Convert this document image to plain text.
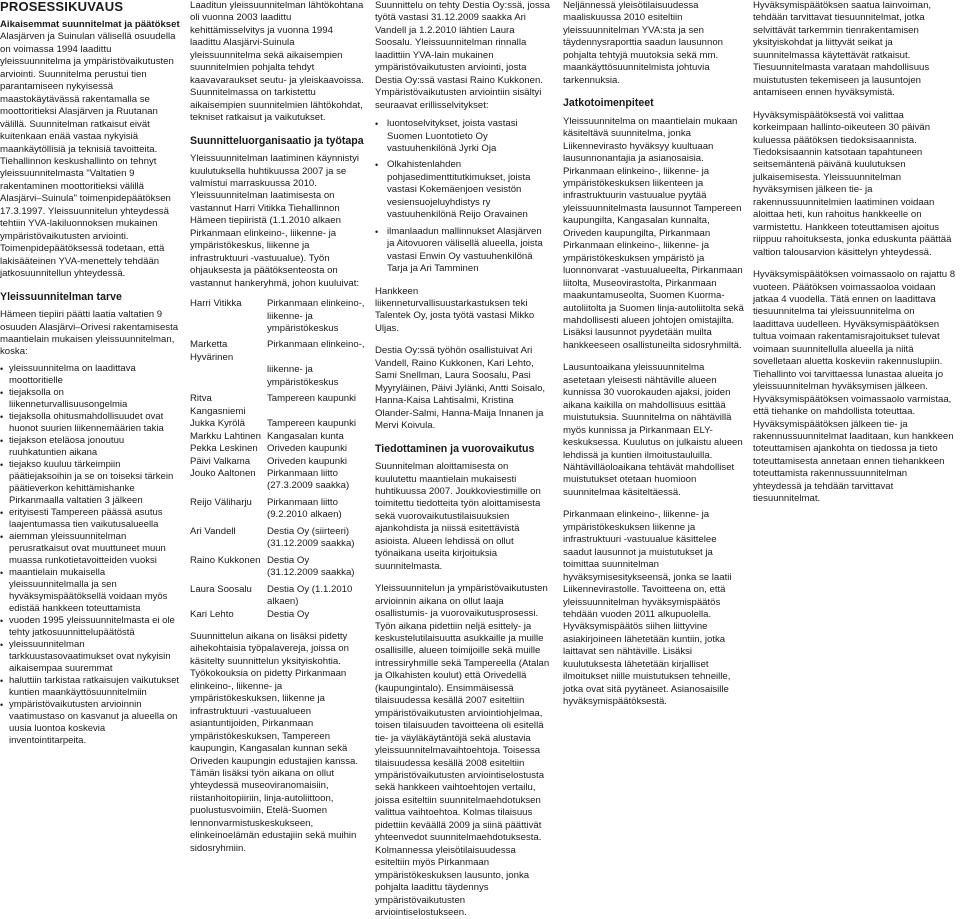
PROSESSIKUVAUS

Aikaisemmat suunnitelmat ja päätökset

Alasjärven ja Suinulan välisellä osuudella on voimassa 1994 laadittu yleissuunnitelma ja ympäristövaikutusten arviointi. Suunnitelma perustui tien parantamiseen nykyisessä maastokäytävässä rakentamalla se moottoritieksi Alasjärven ja Ruutanan välillä. Suunnitelman ratkaisut eivät kuitenkaan enää vastaa nykyisiä maankäytöllisiä ja teknisiä tavoitteita. Tiehallinnon keskushallinto on tehnyt yleissuunnitelmasta "Valtatien 9 rakentaminen moottoritieksi välillä Alasjärvi–Suinula" toimenpidepäätöksen 17.3.1997. Yleissuunnitelun yhteydessä tehtiin YVA-lakiluonnoksen mukainen ympäristövaikutusten arviointi. Toimenpidepäätöksessä todetaan, että lakisääteinen YVA-menettely tehdään jatkosuunnitellun yhteydessä.

Yleissuunnitelman tarve

Hämeen tiepiiri päätti laatia valtatien 9 osuuden Alasjärvi–Orivesi rakentamisesta maantielain mukaisen yleissuunnitelman, koska:

• yleissuunnitelma on laadittava moottoritielle
• tiejaksolla on liikenneturvallisuusongelmia
• tiejaksolla ohitusmahdollisuudet ovat huonot suurien liikennemäärien takia
• tiejakson eteläosa jonoutuu ruuhkatuntien aikana
• tiejakso kuuluu tärkeimpiin päätiejaksoihin ja se on toiseksi tärkein päätieverkon kehittämishanke Pirkanmaalla valtatien 3 jälkeen
• erityisesti Tampereen päässä asutus laajentumassa tien vaikutusalueella
• aiemman yleissuunnitelman perusratkaisut ovat muuttuneet muun muassa runkotietavoitteiden vuoksi
• maantielain mukaisella yleissuunnitelmalla ja sen hyväksymispäätöksellä voidaan myös edistää hankkeen toteuttamista
• vuoden 1995 yleissuunnitelmasta ei ole tehty jatkosuunnittelupäätöstä
• yleissuunnitelman tarkkuustasovaatimukset ovat nykyisin aikaisempaa suuremmat
• haluttiin tarkistaa ratkaisujen vaikutukset kuntien maankäyttösuunnitelmiin
• ympäristövaikutusten arvioinnin vaatimustaso on kasvanut ja alueella on uusia luontoa koskevia inventointitarpeita.

Laaditun yleissuunnitelman lähtökohtana oli vuonna 2003 laadittu kehittämisselvitys ja vuonna 1994 laadittu Alasjärvi-Suinula yleissuunnitelma sekä aikaisempien suunnitelmien pohjalta tehdyt kaavavaraukset seutu- ja yleiskaavoissa. Suunnitelmassa on tarkistettu aikaisempien suunnitelmien lähtökohdat, tekniset ratkaisut ja vaikutukset.

Suunnitteluorganisaatio ja työtapa

Yleissuunnitelman laatiminen käynnistyi kuulutuksella huhtikuussa 2007 ja se valmistui marraskuussa 2010. Yleissuunnitelman laatimisesta on vastannut Harri Vitikka Tiehallinnon Hämeen tiepiiristä (1.1.2010 alkaen Pirkanmaan elinkeino-, liikenne- ja ympäristökeskus, liikenne ja infrastruktuuri -vastuualue). Työn ohjauksesta ja päätöksenteosta on vastannut hankeryhmä, johon kuuluivat:

Harri Vitikka	Pirkanmaan elinkeino-,
	liikenne- ja ympäristökeskus
Marketta Hyvärinen	Pirkanmaan elinkeino-,
	liikenne- ja ympäristökeskus
Ritva Kangasniemi	Tampereen kaupunki
Jukka Kyrölä	Tampereen kaupunki
Markku Lahtinen	Kangasalan kunta
Pekka Leskinen	Oriveden kaupunki
Päivi Valkama	Oriveden kaupunki
Jouko Aaltonen	Pirkanmaan liitto
	(27.3.2009 saakka)
Reijo Väliharju	Pirkanmaan liitto
	(9.2.2010 alkaen)
Ari Vandell	Destia Oy (siirteeri)
	(31.12.2009 saakka)
Raino Kukkonen	Destia Oy
	(31.12.2009 saakka)
Laura Soosalu	Destia Oy (1.1.2010 alkaen)
Kari Lehto	Destia Oy

Suunnittelun aikana on lisäksi pidetty aihekohtaisia työpalavereja, joissa on käsitelty suunnittelun yksityiskohtia. Työkokouksia on pidetty Pirkanmaan elinkeino-, liikenne- ja ympäristökeskuksen, liikenne ja infrastruktuuri -vastuualueen asiantuntijoiden, Pirkanmaan ympäristökeskuksen, Tampereen kaupungin, Kangasalan kunnan sekä Oriveden kaupungin edustajien kanssa. Tämän lisäksi työn aikana on ollut yhteydessä museoviranomaisiin, riistanhoitopiiriin, linja-autoliittoon, puolustusvoimiin, Etelä-Suomen lennonvarmistuskeskukseen, elinkeinoelämän edustajiin sekä muihin sidosryhmiin.

Suunnittelu on tehty Destia Oy:ssä, jossa työtä vastasi 31.12.2009 saakka Ari Vandell ja 1.2.2010 lähtien Laura Soosalu. Yleissuunnitelman rinnalla laadittiin YVA-lain mukainen ympäristövaikutusten arviointi, josta Destia Oy:ssä vastasi Raino Kukkonen. Ympäristövaikutusten arviointiin sisältyi seuraavat erillisselvitykset:

• luontoselvitykset, joista vastasi Suomen Luontotieto Oy vastuuhenkilönä Jyrki Oja
• Olkahistenlahden pohjasedimenttitutkimukset, joista vastasi Kokemäenjoen vesistön vesiensuojeluyhdistys ry vastuuhenkilönä Reijo Oravainen
• ilmanlaadun mallinnukset Alasjärven ja Aitovuoren välisellä alueella, joista vastasi Enwin Oy vastuuhenkilönä Tarja ja Ari Tamminen

Hankkeen liikenneturvallisuustarkastuksen teki Talentek Oy, josta työtä vastasi Mikko Uljas.

Destia Oy:ssä työhön osallistuivat Ari Vandell, Raino Kukkonen, Kari Lehto, Sami Snellman, Laura Soosalu, Pasi Myyryläinen, Päivi Jylänki, Antti Soisalo, Hanna-Kaisa Lahtisalmi, Kristina Olander-Salmi, Hanna-Maija Innanen ja Mervi Koivula.

Tiedottaminen ja vuorovaikutus

Suunnitelman aloittamisesta on kuulutettu maantielain mukaisesti huhtikuussa 2007. Joukkoviestimille on toimitettu tiedotteita työn aloittamisesta sekä vuorovaikutustilaisuuksien ajankohdista ja niissä esitettävistä asioista. Alueen lehdissä on ollut työnaikana useita kirjoituksia suunnitelmasta.

Yleissuunnitelun ja ympäristövaikutusten arvioinnin aikana on ollut laaja osallistumis- ja vuorovaikutusprosessi. Työn aikana pidettiin neljä esittely- ja keskustelutilaisuutta asukkaille ja muille osallisille, alueen toimijoille sekä muille intressiryhmille sekä Tampereella (Atalan ja Olkahisten koulut) että Orivedellä (kaupungintalo). Ensimmäisessä tilaisuudessa kesällä 2007 esiteltiin ympäristövaikutusten arviointiohjelmaa, toisen tilaisuuden tavoitteena oli esitellä tie- ja väyläkäytäntöjä sekä alustavia yleissuunnitelmavaihtoehtoja. Toisessa tilaisuudessa kesällä 2008 esiteltiin ympäristövaikutusten arviointiselostusta sekä hankkeen vaihtoehtojen vertailu, joissa esiteltiin suunnitelmaehdotuksen valittua vaihtoehtoa. Kolmas tilaisuus pidettiin keväällä 2009 ja siinä päättivät yhteenvedot suunnitelmaehdotuksesta. Kolmannessa yleisötilaisuudessa esiteltiin myös Pirkanmaan ympäristökeskuksen lausunto, jonka pohjalta laadittu täydennys ympäristövaikutusten arviointiselostukseen.

Neljännessä yleisötilaisuudessa maaliskuussa 2010 esiteltiin yleissuunnitelman YVA:sta ja sen täydennysraporttia saadun lausunnon pohjalta tehtyjä muutoksia sekä mm. maankäyttösuunnitelmista johtuvia tarkennuksia.

Jatkotoimenpiteet

Yleissuunnitelma on maantielain mukaan käsiteltävä suunnitelma, jonka Liikennevirasto hyväksyy kuultuaan lausunnonantajia ja asianosaisia. Pirkanmaan elinkeino-, liikenne- ja ympäristökeskuksen liikenteen ja infrastruktuurin vastuualue pyytää yleissuunnitelmasta lausunnot Tampereen kaupungilta, Kangasalan kunnalta, Oriveden kaupungilta, Pirkanmaan Pirkanmaan elinkeino-, liikenne- ja ympäristökeskuksen ympäristö ja luonnonvarat -vastuualueelta, Pirkanmaan liitolta, Museovirastolta, Pirkanmaan maakuntamuseolta, Suomen Kuorma-autoliitolta ja Suomen linja-autoliitolta sekä mahdollisesti alueen johtojen omistajilta. Lisäksi lausunnot pyydetään muilta hankkeeseen osallistuneilta sidosryhmiltä.

Lausuntoaikana yleissuunnitelma asetetaan yleisesti nähtäville alueen kunnissa 30 vuorokauden ajaksi, joiden aikana kaikilla on mahdollisuus esittää muistutuksia. Suunnitelma on nähtävillä myös kunnissa ja Pirkanmaan ELY-keskuksessa. Kuulutus on julkaistu alueen lehdissä ja kuntien ilmoitustauluilla. Nähtävilläoloaikana tehtävät mahdolliset muistutukset otetaan huomioon suunnitelmaa käsiteltäessä.

Pirkanmaan elinkeino-, liikenne- ja ympäristökeskuksen liikenne ja infrastruktuuri -vastuualue käsittelee saadut lausunnot ja muistutukset ja toimittaa suunnitelman hyväksymisesitykseensä, jonka se laatii Liikennevirastolle. Tavoitteena on, että yleissuunnitelman hyväksymispäätös tehdään vuoden 2011 alkupuolella. Hyväksymispäätös siihen liittyvine asiakirjoineen lähetetään kuntiin, jotka laittavat sen nähtäville. Lisäksi kuulutuksesta lähetetään kirjalliset ilmoitukset niille muistutuksen tehneille, jotka ovat sitä pyytäneet. Asianosaisille hyväksymispäätöksestä.

Hyväksymispäätöksen saatua lainvoiman, tehdään tarvittavat tiesuunnitelmat, jotka selvittävät tarkemmin tienrakentamisen yksityiskohdat ja liittyvät seikat ja suunnitelmassa käytettävät ratkaisut. Tiesuunnitelmasta varataan mahdollisuus muistutusten tekemiseen ja lausuntojen antamiseen ennen hyväksymistä.

Hyväksymispäätöksestä voi valittaa korkeimpaan hallinto-oikeuteen 30 päivän kuluessa päätöksen tiedoksisaannista. Tiedoksisaannin katsotaan tapahtuneen seitsemäntenä päivänä kuulutuksen julkaisemisesta. Yleissuunnitelman hyväksymisen jälkeen tie- ja rakennussuunnitelmien laatiminen voidaan aloittaa heti, kun rahoitus hankkeelle on varmistettu. Hankkeen toteuttamisen ajoitus riippuu rahoituksesta, jonka eduskunta päättää valtion talousarvion käsittelyn yhteydessä.

Hyväksymispäätöksen voimassaolo on rajattu 8 vuoteen. Päätöksen voimassaoloa voidaan jatkaa 4 vuodella. Tätä ennen on laadittava tiesuunnitelma tai yleissuunnitelma on laadittava uudelleen. Hyväksymispäätöksen tultua voimaan rakentamisrajoitukset tulevat voimaan suunnitellulla alueella ja niitä sovelletaan aluetta koskeviin rakennuslupiin. Tiehallinto voi tarvittaessa lunastaa alueita jo yleissuunnitelman hyväksymisen jälkeen. Hyväksymispäätöksen voimassaolo varmistaa, että tiehanke on mahdollista toteuttaa. Hyväksymispäätöksen jälkeen tie- ja rakennussuunnitelmat laaditaan, kun hankkeen toteuttamisen ajankohta on tiedossa ja tieto toteuttamisesta annetaan ennen tiehankkeen toteuttamista rakennussuunnitelman yhteydessä ja tehdään tarvittavat tiesuunnitelmat.
